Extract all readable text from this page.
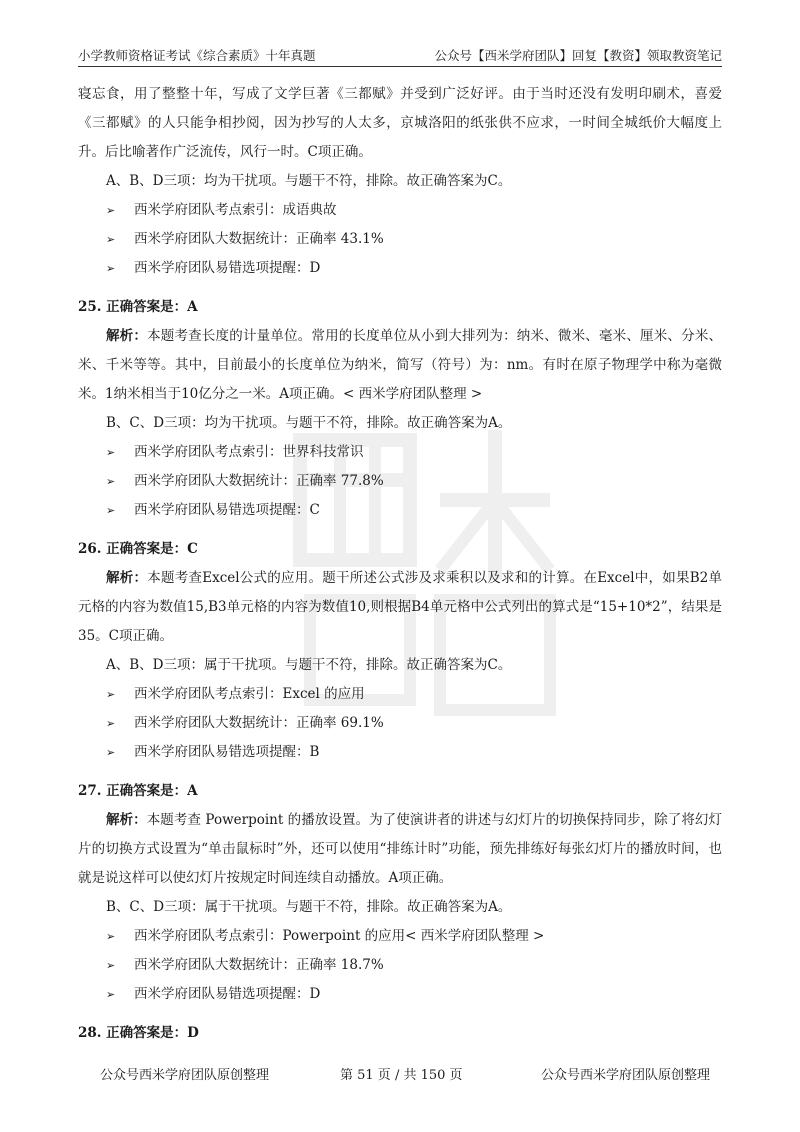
小学教师资格证考试《综合素质》十年真题	公众号【西米学府团队】回复【教资】领取教资笔记

寝忘食，用了整整十年，写成了文学巨著《三都赋》并受到广泛好评。由于当时还没有发明印刷术，喜爱《三都赋》的人只能争相抄阅，因为抄写的人太多，京城洛阳的纸张供不应求，一时间全城纸价大幅度上升。后比喻著作广泛流传，风行一时。C项正确。

A、B、D三项：均为干扰项。与题干不符，排除。故正确答案为C。

➢	西米学府团队考点索引：成语典故
➢	西米学府团队大数据统计：正确率 43.1%
➢	西米学府团队易错选项提醒：D

25. 正确答案是：A

解析：本题考查长度的计量单位。常用的长度单位从小到大排列为：纳米、微米、毫米、厘米、分米、米、千米等等。其中，目前最小的长度单位为纳米，简写（符号）为：nm。有时在原子物理学中称为毫微米。1纳米相当于10亿分之一米。A项正确。< 西米学府团队整理 >

B、C、D三项：均为干扰项。与题干不符，排除。故正确答案为A。

➢	西米学府团队考点索引：世界科技常识
➢	西米学府团队大数据统计：正确率 77.8%
➢	西米学府团队易错选项提醒：C

26. 正确答案是：C

解析：本题考查Excel公式的应用。题干所述公式涉及求乘积以及求和的计算。在Excel中，如果B2单元格的内容为数值15,B3单元格的内容为数值10,则根据B4单元格中公式列出的算式是“15+10*2”，结果是35。C项正确。

A、B、D三项：属于干扰项。与题干不符，排除。故正确答案为C。

➢	西米学府团队考点索引：Excel 的应用
➢	西米学府团队大数据统计：正确率 69.1%
➢	西米学府团队易错选项提醒：B

27. 正确答案是：A

解析：本题考查 Powerpoint 的播放设置。为了使演讲者的讲述与幻灯片的切换保持同步，除了将幻灯片的切换方式设置为“单击鼠标时”外，还可以使用“排练计时”功能，预先排练好每张幻灯片的播放时间，也就是说这样可以使幻灯片按规定时间连续自动播放。A项正确。

B、C、D三项：属于干扰项。与题干不符，排除。故正确答案为A。

➢	西米学府团队考点索引：Powerpoint 的应用< 西米学府团队整理 >
➢	西米学府团队大数据统计：正确率 18.7%
➢	西米学府团队易错选项提醒：D

28. 正确答案是：D

公众号西米学府团队原创整理	第 51 页 / 共 150 页	公众号西米学府团队原创整理
